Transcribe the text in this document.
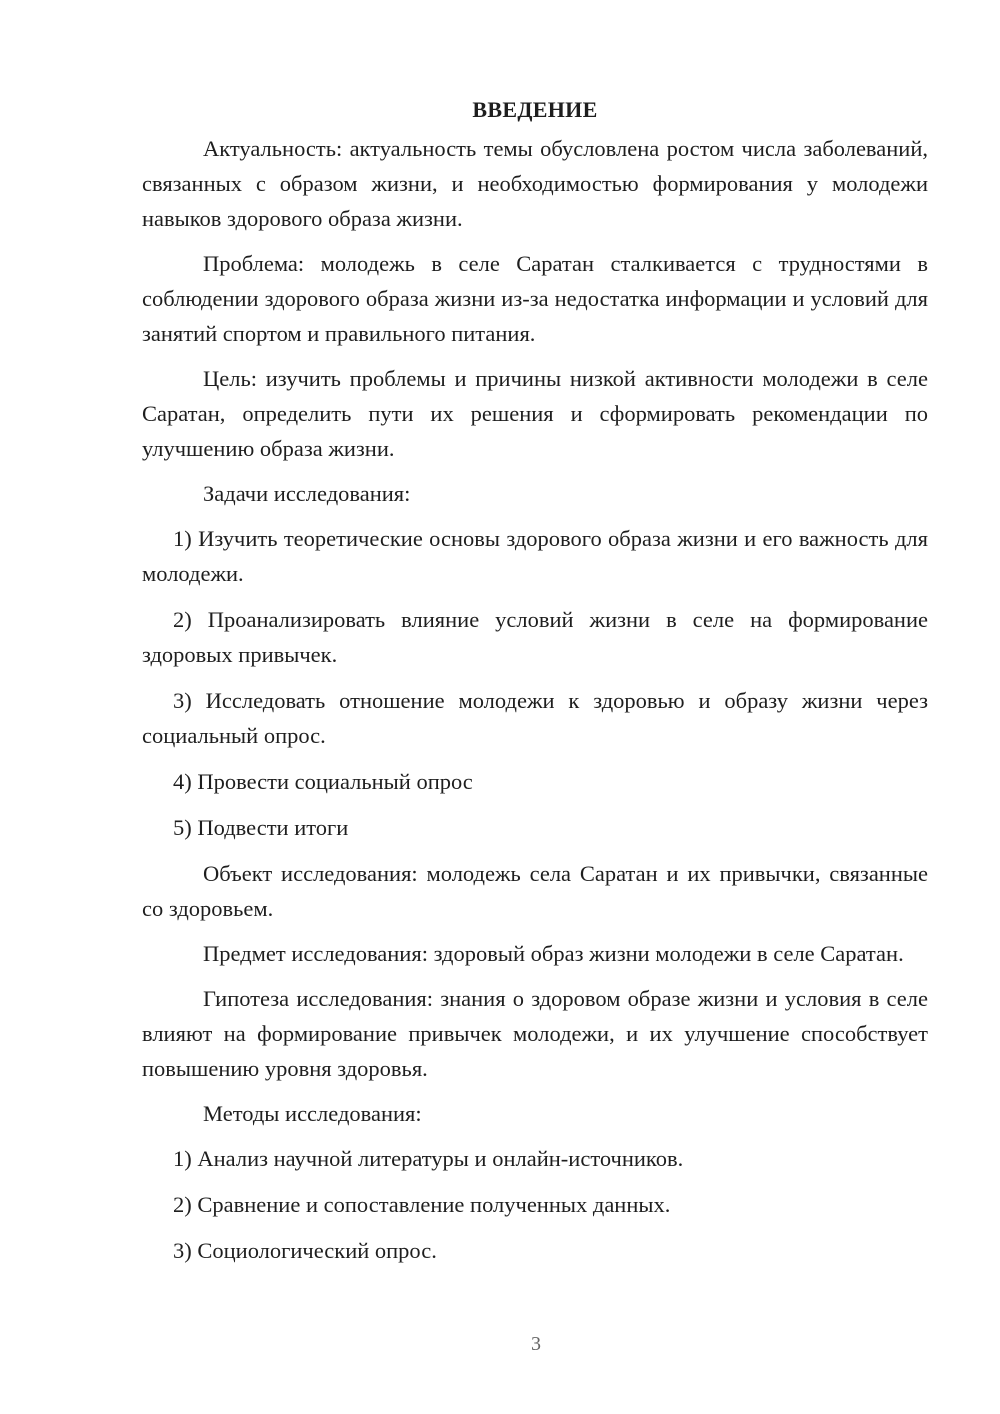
ВВЕДЕНИЕ

Актуальность: актуальность темы обусловлена ростом числа заболеваний, связанных с образом жизни, и необходимостью формирования у молодежи навыков здорового образа жизни.

Проблема: молодежь в селе Саратан сталкивается с трудностями в соблюдении здорового образа жизни из-за недостатка информации и условий для занятий спортом и правильного питания.

Цель: изучить проблемы и причины низкой активности молодежи в селе Саратан, определить пути их решения и сформировать рекомендации по улучшению образа жизни.

Задачи исследования:

1) Изучить теоретические основы здорового образа жизни и его важность для молодежи.

2) Проанализировать влияние условий жизни в селе на формирование здоровых привычек.

3) Исследовать отношение молодежи к здоровью и образу жизни через социальный опрос.

4) Провести социальный опрос

5) Подвести итоги

Объект исследования: молодежь села Саратан и их привычки, связанные со здоровьем.

Предмет исследования: здоровый образ жизни молодежи в селе Саратан.

Гипотеза исследования: знания о здоровом образе жизни и условия в селе влияют на формирование привычек молодежи, и их улучшение способствует повышению уровня здоровья.

Методы исследования:

1) Анализ научной литературы и онлайн-источников.

2) Сравнение и сопоставление полученных данных.

3) Социологический опрос.

3
